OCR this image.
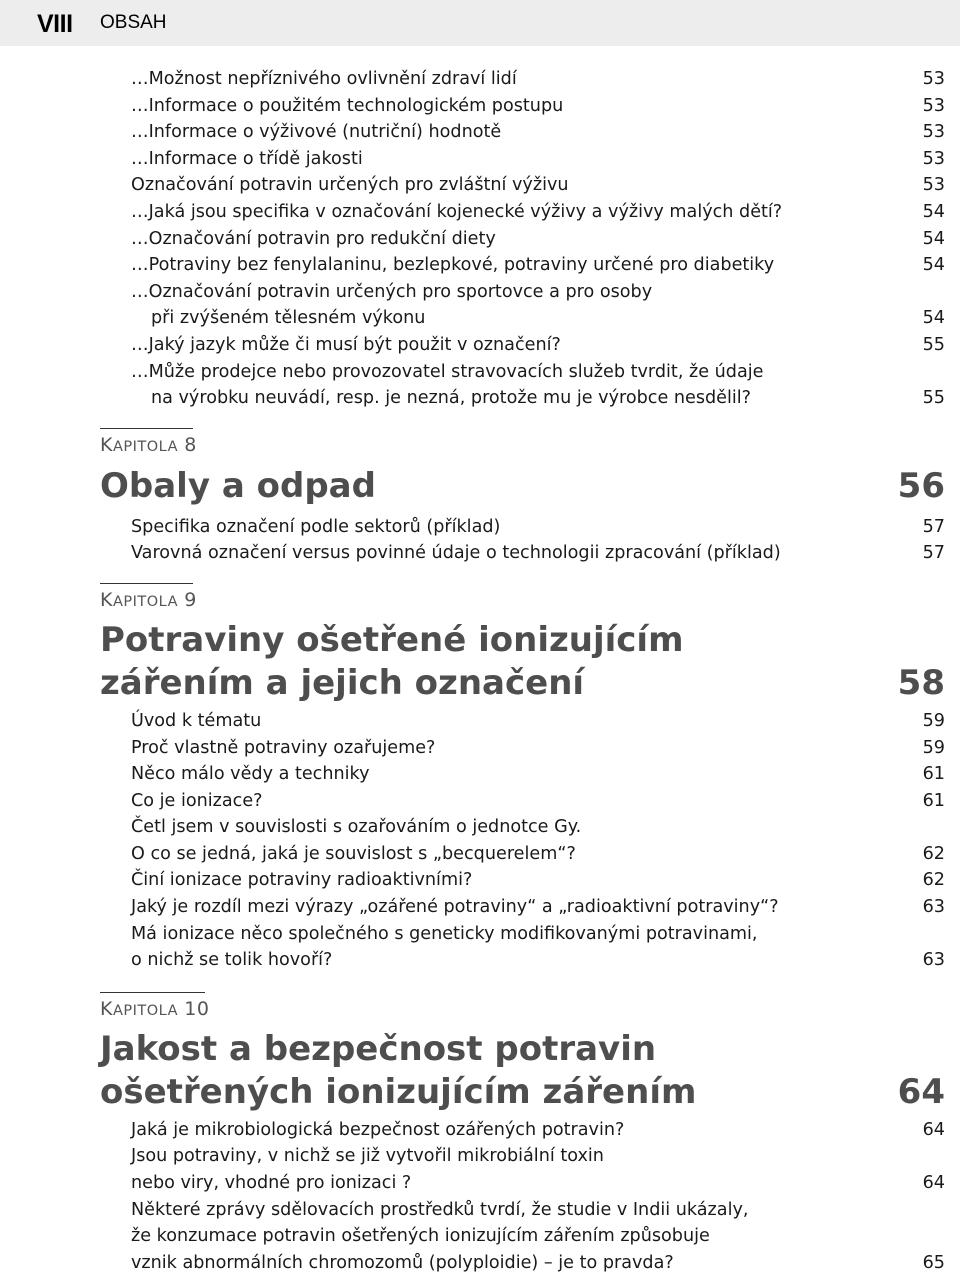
VIII OBSAH
…Možnost nepříznivého ovlivnění zdraví lidí	53
…Informace o použitém technologickém postupu	53
…Informace o výživové (nutriční) hodnotě	53
…Informace o třídě jakosti	53
Označování potravin určených pro zvláštní výživu	53
…Jaká jsou specifika v označování kojenecké výživy a výživy malých dětí?	54
…Označování potravin pro redukční diety	54
…Potraviny bez fenylalaninu, bezlepkové, potraviny určené pro diabetiky	54
…Označování potravin určených pro sportovce a pro osoby
při zvýšeném tělesném výkonu	54
…Jaký jazyk může či musí být použit v označení?	55
…Může prodejce nebo provozovatel stravovacích služeb tvrdit, že údaje
na výrobku neuvádí, resp. je nezná, protože mu je výrobce nesdělil?	55
KAPITOLA 8
Obaly a odpad	56
Specifika označení podle sektorů (příklad)	57
Varovná označení versus povinné údaje o technologii zpracování (příklad)	57
KAPITOLA 9
Potraviny ošetřené ionizujícím
zářením a jejich označení	58
Úvod k tématu	59
Proč vlastně potraviny ozařujeme?	59
Něco málo vědy a techniky	61
Co je ionizace?	61
Četl jsem v souvislosti s ozařováním o jednotce Gy.
O co se jedná, jaká je souvislost s „becquerelem“?	62
Činí ionizace potraviny radioaktivními?	62
Jaký je rozdíl mezi výrazy „ozářené potraviny“ a „radioaktivní potraviny“?	63
Má ionizace něco společného s geneticky modifikovanými potravinami,
o nichž se tolik hovoří?	63
KAPITOLA 10
Jakost a bezpečnost potravin
ošetřených ionizujícím zářením	64
Jaká je mikrobiologická bezpečnost ozářených potravin?	64
Jsou potraviny, v nichž se již vytvořil mikrobiální toxin
nebo viry, vhodné pro ionizaci ?	64
Některé zprávy sdělovacích prostředků tvrdí, že studie v Indii ukázaly,
že konzumace potravin ošetřených ionizujícím zářením způsobuje
vznik abnormálních chromozomů (polyploidie) – je to pravda?	65
